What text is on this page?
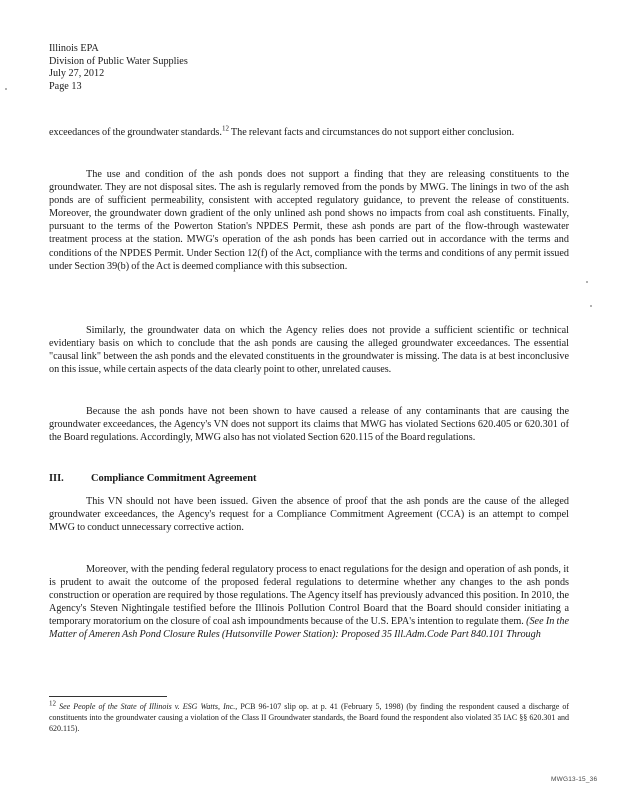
Illinois EPA
Division of Public Water Supplies
July 27, 2012
Page 13

exceedances of the groundwater standards.$^{12}$ The relevant facts and circumstances do not support either conclusion.

The use and condition of the ash ponds does not support a finding that they are releasing constituents to the groundwater. They are not disposal sites. The ash is regularly removed from the ponds by MWG. The linings in two of the ash ponds are of sufficient permeability, consistent with accepted regulatory guidance, to prevent the release of constituents. Moreover, the groundwater down gradient of the only unlined ash pond shows no impacts from coal ash constituents. Finally, pursuant to the terms of the Powerton Station's NPDES Permit, these ash ponds are part of the flow-through wastewater treatment process at the station. MWG's operation of the ash ponds has been carried out in accordance with the terms and conditions of the NPDES Permit. Under Section 12(f) of the Act, compliance with the terms and conditions of any permit issued under Section 39(b) of the Act is deemed compliance with this subsection.

Similarly, the groundwater data on which the Agency relies does not provide a sufficient scientific or technical evidentiary basis on which to conclude that the ash ponds are causing the alleged groundwater exceedances. The essential "causal link" between the ash ponds and the elevated constituents in the groundwater is missing. The data is at best inconclusive on this issue, while certain aspects of the data clearly point to other, unrelated causes.

Because the ash ponds have not been shown to have caused a release of any contaminants that are causing the groundwater exceedances, the Agency's VN does not support its claims that MWG has violated Sections 620.405 or 620.301 of the Board regulations. Accordingly, MWG also has not violated Section 620.115 of the Board regulations.

III.	Compliance Commitment Agreement

This VN should not have been issued. Given the absence of proof that the ash ponds are the cause of the alleged groundwater exceedances, the Agency's request for a Compliance Commitment Agreement (CCA) is an attempt to compel MWG to conduct unnecessary corrective action.

Moreover, with the pending federal regulatory process to enact regulations for the design and operation of ash ponds, it is prudent to await the outcome of the proposed federal regulations to determine whether any changes to the ash ponds construction or operation are required by those regulations. The Agency itself has previously advanced this position. In 2010, the Agency's Steven Nightingale testified before the Illinois Pollution Control Board that the Board should consider initiating a temporary moratorium on the closure of coal ash impoundments because of the U.S. EPA's intention to regulate them. (See In the Matter of Ameren Ash Pond Closure Rules (Hutsonville Power Station): Proposed 35 Ill.Adm.Code Part 840.101 Through

$^{12}$ See People of the State of Illinois v. ESG Watts, Inc., PCB 96-107 slip op. at p. 41 (February 5, 1998) (by finding the respondent caused a discharge of constituents into the groundwater causing a violation of the Class II Groundwater standards, the Board found the respondent also violated 35 IAC §§ 620.301 and 620.115).

MWG13-15_36
